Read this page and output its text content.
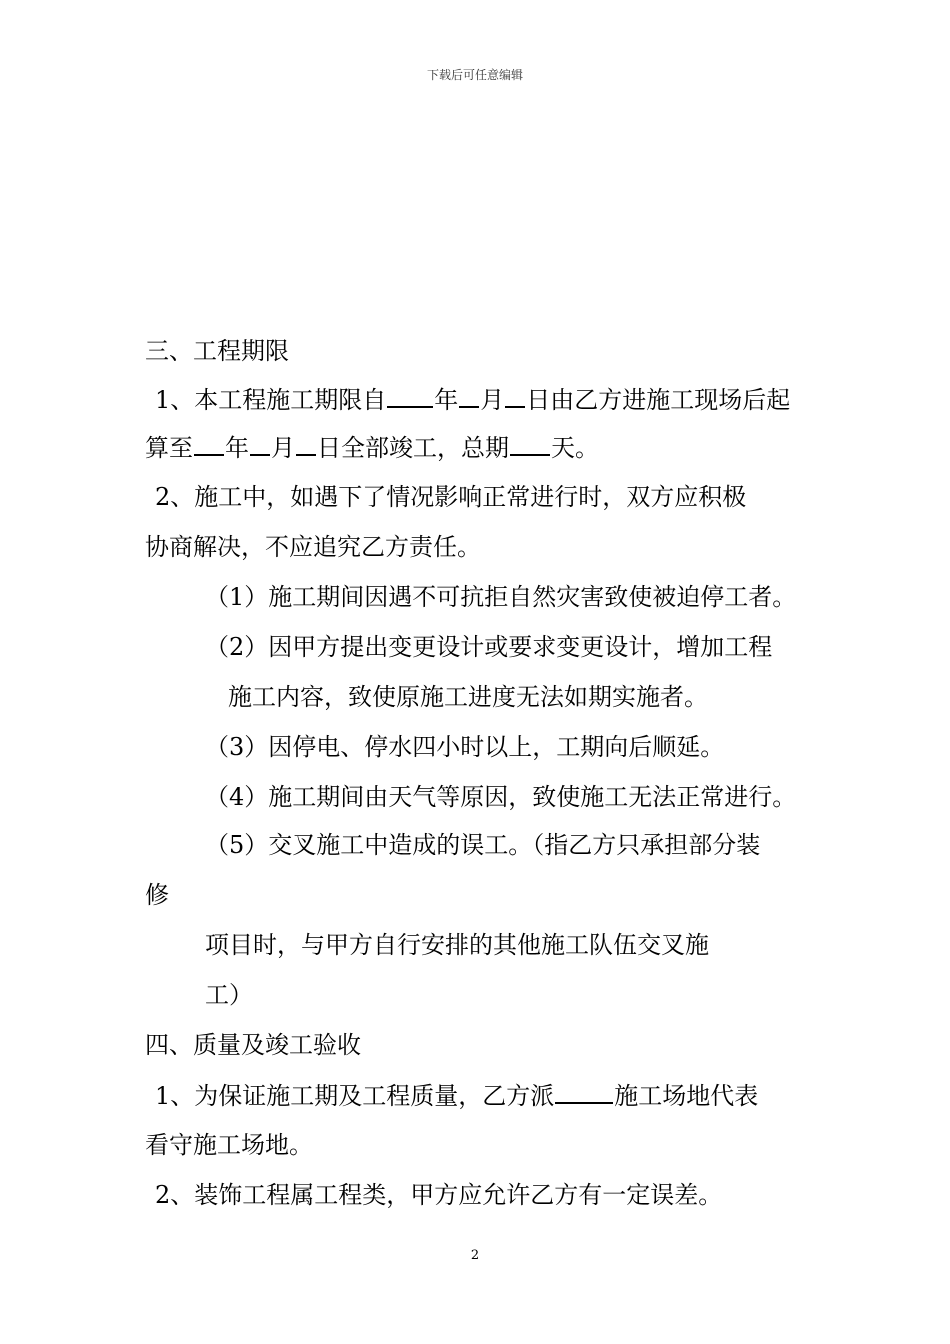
下载后可任意编辑
三、工程期限
1、本工程施工期限自 年 月 日由乙方进施工现场后起
算至 年 月 日全部竣工，总期 天。
2、施工中，如遇下了情况影响正常进行时，双方应积极
协商解决，不应追究乙方责任。
（1）施工期间因遇不可抗拒自然灾害致使被迫停工者。
（2）因甲方提出变更设计或要求变更设计，增加工程
施工内容，致使原施工进度无法如期实施者。
（3）因停电、停水四小时以上，工期向后顺延。
（4）施工期间由天气等原因，致使施工无法正常进行。
（5）交叉施工中造成的误工。（指乙方只承担部分装
修
项目时，与甲方自行安排的其他施工队伍交叉施
工）
四、质量及竣工验收
1、为保证施工期及工程质量，乙方派	施工场地代表
看守施工场地。
2、装饰工程属工程类，甲方应允许乙方有一定误差。
2
